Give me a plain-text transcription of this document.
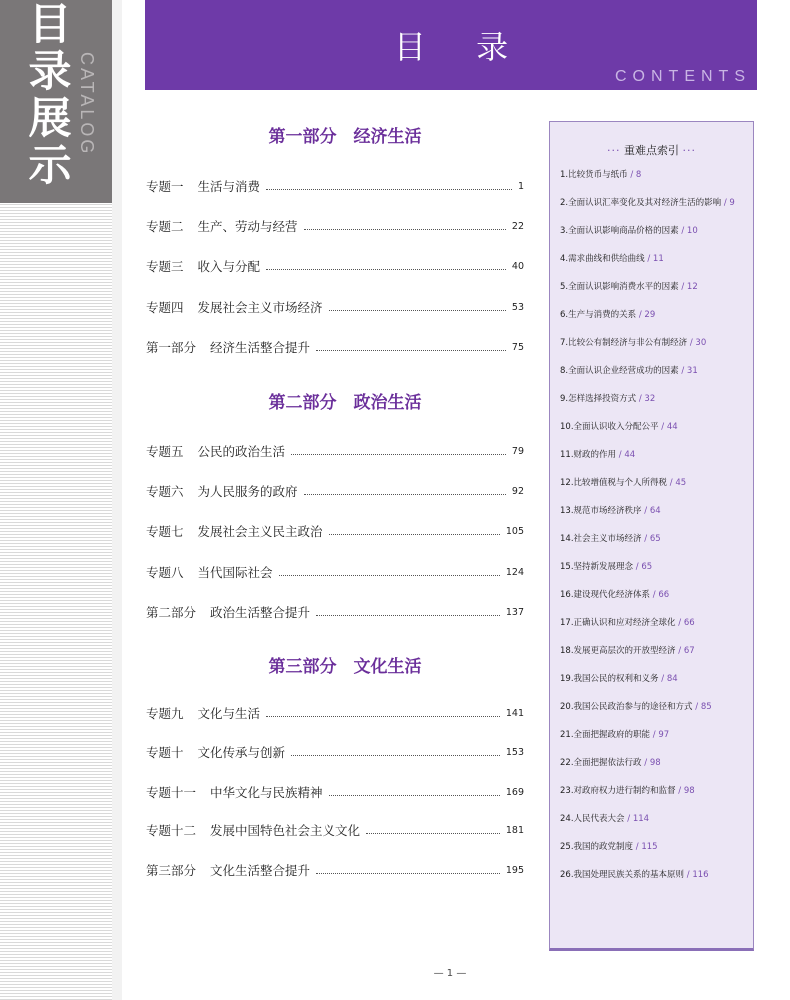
目
录
展
示
CATALOG
目 录
CONTENTS
第一部分　经济生活
专题一 生活与消费	1
专题二 生产、劳动与经营	22
专题三 收入与分配	40
专题四 发展社会主义市场经济	53
第一部分 经济生活整合提升	75
第二部分　政治生活
专题五 公民的政治生活	79
专题六 为人民服务的政府	92
专题七 发展社会主义民主政治	105
专题八 当代国际社会	124
第二部分 政治生活整合提升	137
第三部分　文化生活
专题九 文化与生活	141
专题十 文化传承与创新	153
专题十一 中华文化与民族精神	169
专题十二 发展中国特色社会主义文化	181
第三部分 文化生活整合提升	195
··· 重难点索引 ···
1.比较货币与纸币 / 8
2.全面认识汇率变化及其对经济生活的影响 / 9
3.全面认识影响商品价格的因素 / 10
4.需求曲线和供给曲线 / 11
5.全面认识影响消费水平的因素 / 12
6.生产与消费的关系 / 29
7.比较公有制经济与非公有制经济 / 30
8.全面认识企业经营成功的因素 / 31
9.怎样选择投资方式 / 32
10.全面认识收入分配公平 / 44
11.财政的作用 / 44
12.比较增值税与个人所得税 / 45
13.规范市场经济秩序 / 64
14.社会主义市场经济 / 65
15.坚持新发展理念 / 65
16.建设现代化经济体系 / 66
17.正确认识和应对经济全球化 / 66
18.发展更高层次的开放型经济 / 67
19.我国公民的权利和义务 / 84
20.我国公民政治参与的途径和方式 / 85
21.全面把握政府的职能 / 97
22.全面把握依法行政 / 98
23.对政府权力进行制约和监督 / 98
24.人民代表大会 / 114
25.我国的政党制度 / 115
26.我国处理民族关系的基本原则 / 116
— 1 —
